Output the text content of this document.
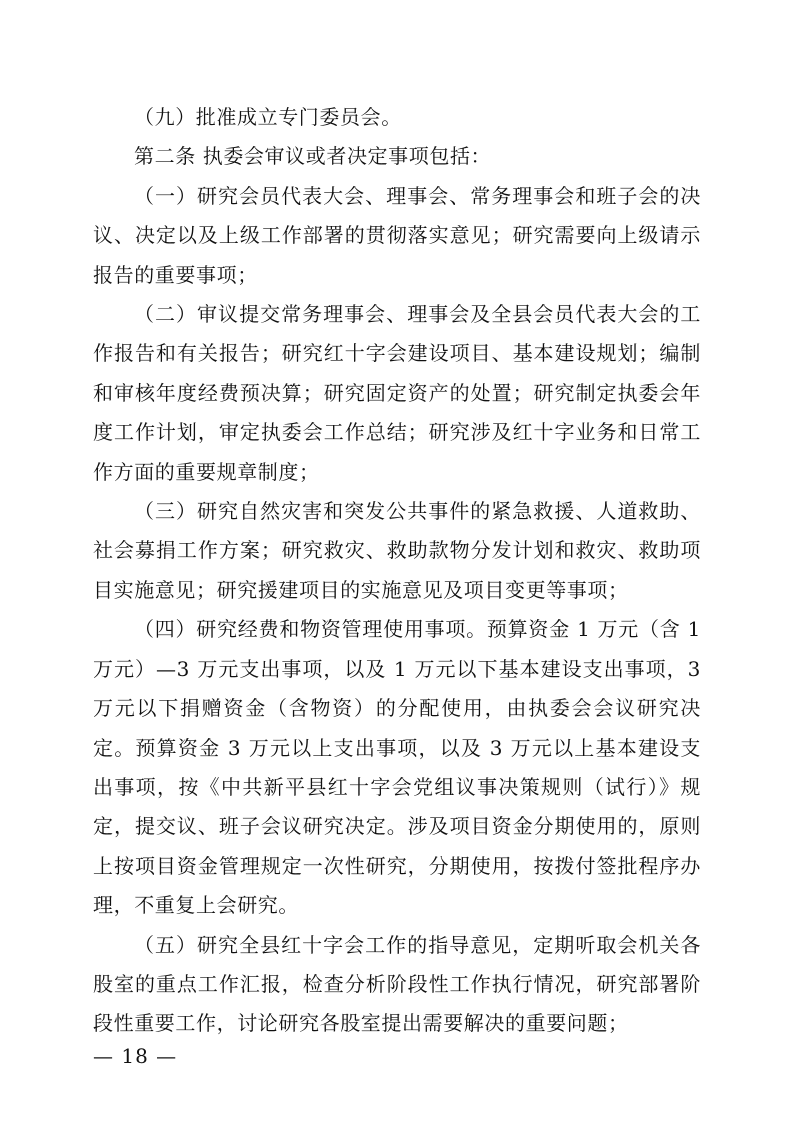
（九）批准成立专门委员会。

第二条 执委会审议或者决定事项包括：

（一）研究会员代表大会、理事会、常务理事会和班子会的决议、决定以及上级工作部署的贯彻落实意见；研究需要向上级请示报告的重要事项；

（二）审议提交常务理事会、理事会及全县会员代表大会的工作报告和有关报告；研究红十字会建设项目、基本建设规划；编制和审核年度经费预决算；研究固定资产的处置；研究制定执委会年度工作计划，审定执委会工作总结；研究涉及红十字业务和日常工作方面的重要规章制度；

（三）研究自然灾害和突发公共事件的紧急救援、人道救助、社会募捐工作方案；研究救灾、救助款物分发计划和救灾、救助项目实施意见；研究援建项目的实施意见及项目变更等事项；

（四）研究经费和物资管理使用事项。预算资金 1 万元（含 1 万元）—3 万元支出事项，以及 1 万元以下基本建设支出事项，3 万元以下捐赠资金（含物资）的分配使用，由执委会会议研究决定。预算资金 3 万元以上支出事项，以及 3 万元以上基本建设支出事项，按《中共新平县红十字会党组议事决策规则（试行）》规定，提交议、班子会议研究决定。涉及项目资金分期使用的，原则上按项目资金管理规定一次性研究，分期使用，按拨付签批程序办理，不重复上会研究。

（五）研究全县红十字会工作的指导意见，定期听取会机关各股室的重点工作汇报，检查分析阶段性工作执行情况，研究部署阶段性重要工作，讨论研究各股室提出需要解决的重要问题；

— 18 —
